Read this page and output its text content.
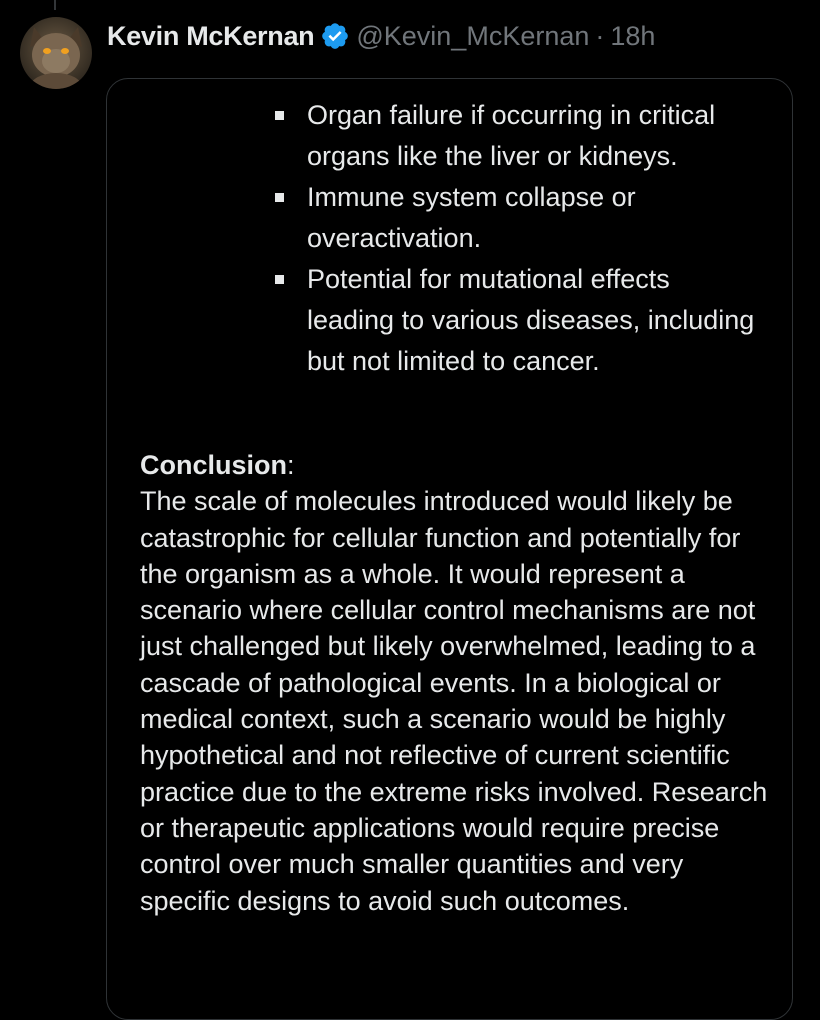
Kevin McKernan @Kevin_McKernan · 18h
Organ failure if occurring in critical organs like the liver or kidneys.
Immune system collapse or overactivation.
Potential for mutational effects leading to various diseases, including but not limited to cancer.
Conclusion:
The scale of molecules introduced would likely be catastrophic for cellular function and potentially for the organism as a whole. It would represent a scenario where cellular control mechanisms are not just challenged but likely overwhelmed, leading to a cascade of pathological events. In a biological or medical context, such a scenario would be highly hypothetical and not reflective of current scientific practice due to the extreme risks involved. Research or therapeutic applications would require precise control over much smaller quantities and very specific designs to avoid such outcomes.
